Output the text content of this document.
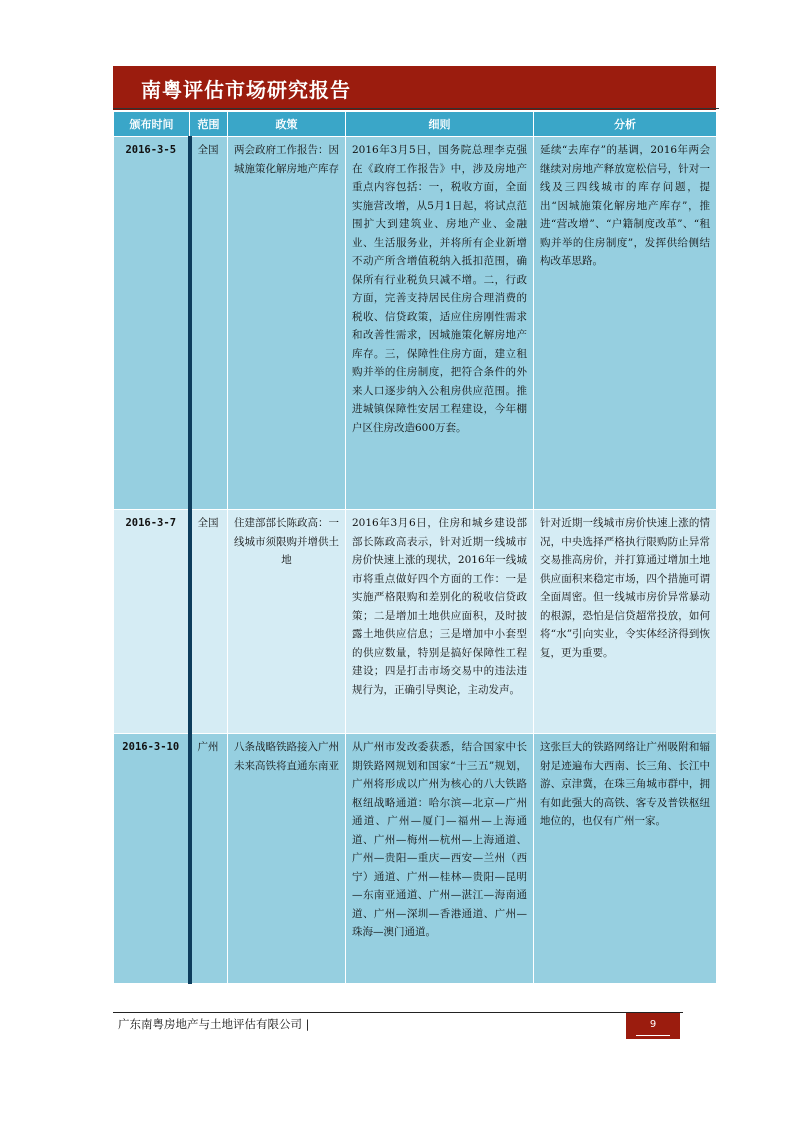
南粤评估市场研究报告
颁布时间	范围	政策	细则	分析
2016-3-5	全国	两会政府工作报告：因城施策化解房地产库存	2016年3月5日，国务院总理李克强在《政府工作报告》中，涉及房地产重点内容包括：一，税收方面，全面实施营改增，从5月1日起，将试点范围扩大到建筑业、房地产业、金融业、生活服务业，并将所有企业新增不动产所含增值税纳入抵扣范围，确保所有行业税负只减不增。二，行政方面，完善支持居民住房合理消费的税收、信贷政策，适应住房刚性需求和改善性需求，因城施策化解房地产库存。三，保障性住房方面，建立租购并举的住房制度，把符合条件的外来人口逐步纳入公租房供应范围。推进城镇保障性安居工程建设，今年棚户区住房改造600万套。	延续“去库存”的基调，2016年两会继续对房地产释放宽松信号，针对一线及三四线城市的库存问题，提出“因城施策化解房地产库存”，推进“营改增”、“户籍制度改革”、“租购并举的住房制度”，发挥供给侧结构改革思路。
2016-3-7	全国	住建部部长陈政高：一线城市须限购并增供土地	2016年3月6日，住房和城乡建设部部长陈政高表示，针对近期一线城市房价快速上涨的现状，2016年一线城市将重点做好四个方面的工作：一是实施严格限购和差别化的税收信贷政策；二是增加土地供应面积，及时披露土地供应信息；三是增加中小套型的供应数量，特别是搞好保障性工程建设；四是打击市场交易中的违法违规行为，正确引导舆论，主动发声。	针对近期一线城市房价快速上涨的情况，中央选择严格执行限购防止异常交易推高房价，并打算通过增加土地供应面积来稳定市场，四个措施可谓全面周密。但一线城市房价异常暴动的根源，恐怕是信贷超常投放，如何将“水”引向实业，令实体经济得到恢复，更为重要。
2016-3-10	广州	八条战略铁路接入广州 未来高铁将直通东南亚	从广州市发改委获悉，结合国家中长期铁路网规划和国家“十三五”规划，广州将形成以广州为核心的八大铁路枢纽战略通道：哈尔滨—北京—广州通道、广州—厦门—福州—上海通道、广州—梅州—杭州—上海通道、广州—贵阳—重庆—西安—兰州（西宁）通道、广州—桂林—贵阳—昆明—东南亚通道、广州—湛江—海南通道、广州—深圳—香港通道、广州—珠海—澳门通道。	这张巨大的铁路网络让广州吸附和辐射足迹遍布大西南、长三角、长江中游、京津冀，在珠三角城市群中，拥有如此强大的高铁、客专及普铁枢纽地位的，也仅有广州一家。
广东南粤房地产与土地评估有限公司 |	9
